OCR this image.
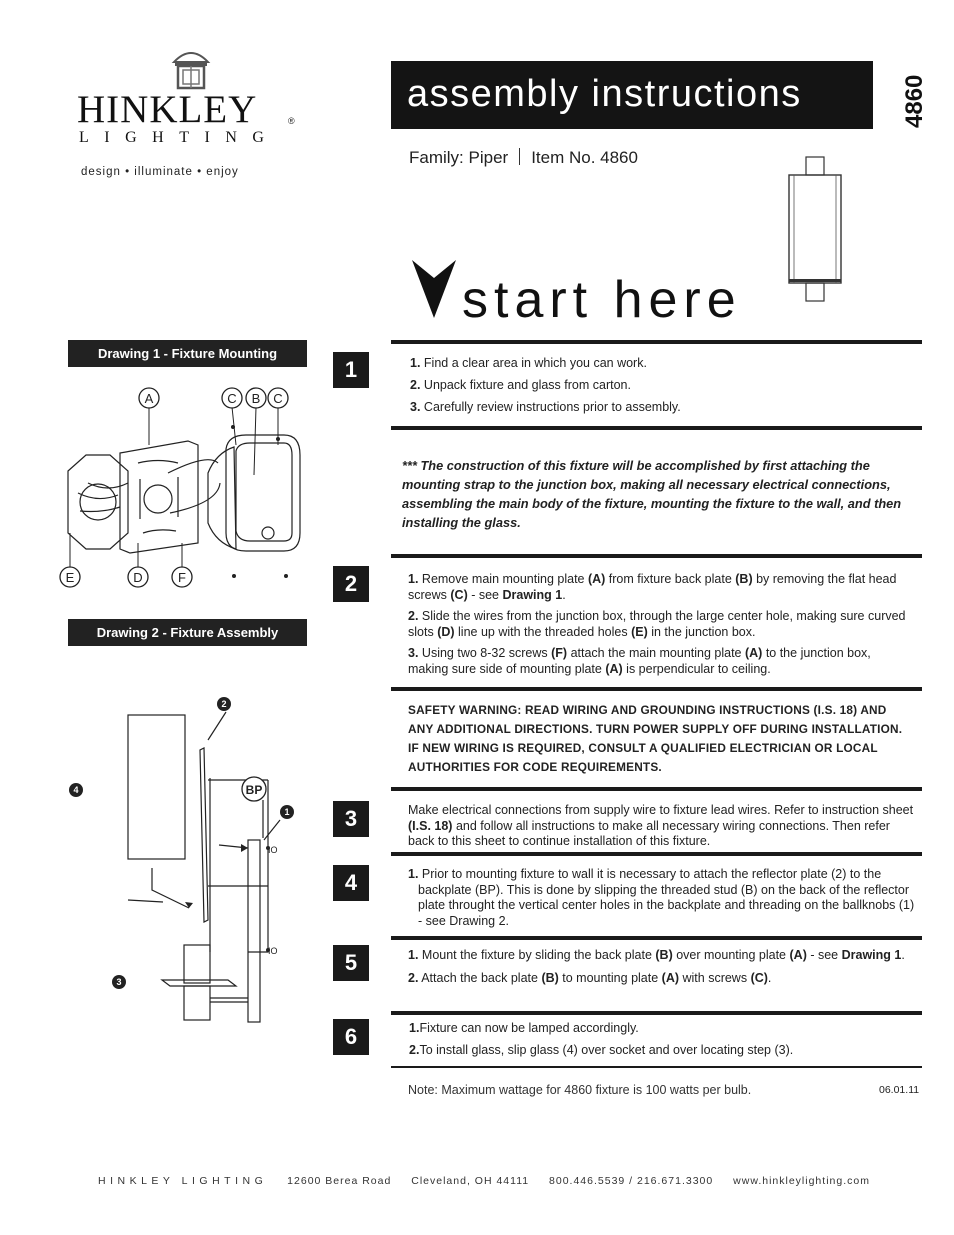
HINKLEY	®
LIGHTING
design • illuminate • enjoy
assembly instructions	4860
Family: Piper Item No. 4860
start here
Drawing 1 - Fixture Mounting
Drawing 2 - Fixture Assembly
A	C B C
E	D	F
IO
IO
2
4
1
3
BP
1	1. Find a clear area in which you can work.
2. Unpack fixture and glass from carton.
3. Carefully review instructions prior to assembly.
*** The construction of this fixture will be accomplished by first attaching the mounting strap to the junction box, making all necessary electrical connections, assembling the main body of the fixture, mounting the fixture to the wall, and then installing the glass.
2	1. Remove main mounting plate (A) from fixture back plate (B) by removing the flat head screws (C) - see Drawing 1.
2. Slide the wires from the junction box, through the large center hole, making sure curved slots (D) line up with the threaded holes (E) in the junction box.
3. Using two 8-32 screws (F) attach the main mounting plate (A) to the junction box, making sure side of mounting plate (A) is perpendicular to ceiling.
SAFETY WARNING: READ WIRING AND GROUNDING INSTRUCTIONS (I.S. 18) AND ANY ADDITIONAL DIRECTIONS. TURN POWER SUPPLY OFF DURING INSTALLATION. IF NEW WIRING IS REQUIRED, CONSULT A QUALIFIED ELECTRICIAN OR LOCAL AUTHORITIES FOR CODE REQUIREMENTS.
3	Make electrical connections from supply wire to fixture lead wires. Refer to instruction sheet (I.S. 18) and follow all instructions to make all necessary wiring connections. Then refer back to this sheet to continue installation of this fixture.
4	1. Prior to mounting fixture to wall it is necessary to attach the reflector plate (2) to the backplate (BP). This is done by slipping the threaded stud (B) on the back of the reflector plate throught the vertical center holes in the backplate and threading on the ballknobs (1) - see Drawing 2.
5	1. Mount the fixture by sliding the back plate (B) over mounting plate (A) - see Drawing 1.
2. Attach the back plate (B) to mounting plate (A) with screws (C).
6	1.Fixture can now be lamped accordingly.
2.To install glass, slip glass (4) over socket and over locating step (3).
Note: Maximum wattage for 4860 fixture is 100 watts per bulb.	06.01.11
HINKLEY LIGHTING 12600 Berea Road Cleveland, OH 44111 800.446.5539 / 216.671.3300 www.hinkleylighting.com
